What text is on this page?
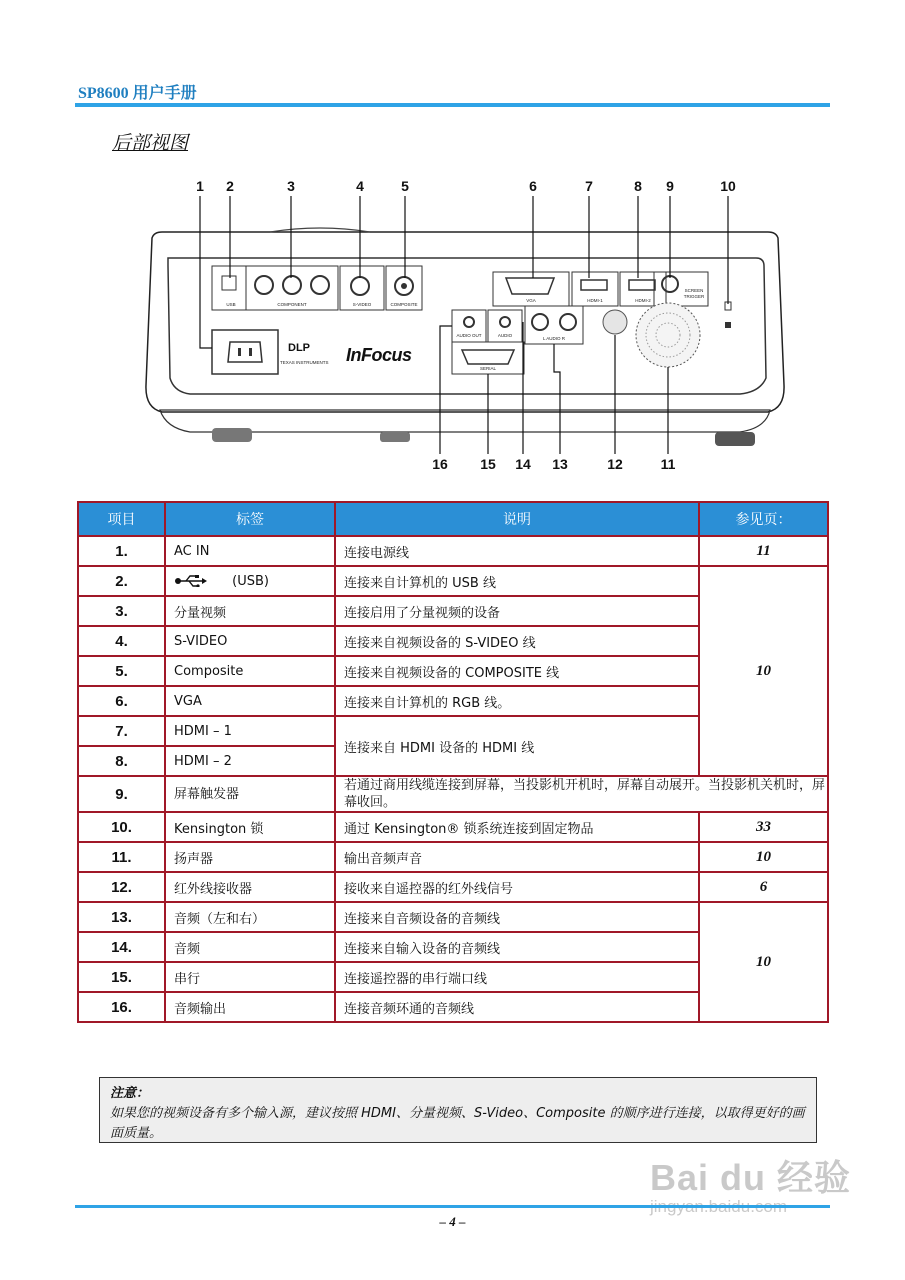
SP8600 用户手册
后部视图
1	2	3	4	5	6	7	8	9	10
16	15	14	13	12	11
USB	COMPONENT	S-VIDEO	COMPOSITE
VGA	HDMI-1	HDMI-2
SCREEN
TRIGGER
AUDIO OUT	AUDIO
L AUDIO R
SERIAL
DLP
TEXAS INSTRUMENTS InFocus
项目	标签	说明	参见页：
1.	AC IN	连接电源线	11
2.	(USB)	连接来自计算机的 USB 线	10
3.	分量视频	连接启用了分量视频的设备	
4.	S-VIDEO	连接来自视频设备的 S-VIDEO 线	
5.	Composite	连接来自视频设备的 COMPOSITE 线	
6.	VGA	连接来自计算机的 RGB 线。	
7.	HDMI – 1	连接来自 HDMI 设备的 HDMI 线	
8.	HDMI – 2		
9.	屏幕触发器	若通过商用线缆连接到屏幕，当投影机开机时，屏幕自动展开。当投影机关机时，屏幕收回。	
10.	Kensington 锁	通过 Kensington® 锁系统连接到固定物品	33
11.	扬声器	输出音频声音	10
12.	红外线接收器	接收来自遥控器的红外线信号	6
13.	音频（左和右）	连接来自音频设备的音频线	10
14.	音频	连接来自输入设备的音频线	
15.	串行	连接遥控器的串行端口线	
16.	音频输出	连接音频环通的音频线	
注意：
如果您的视频设备有多个输入源，建议按照 HDMI、分量视频、S-Video、Composite 的顺序进行连接，以取得更好的画面质量。
Bai du 经验
– 4 –
